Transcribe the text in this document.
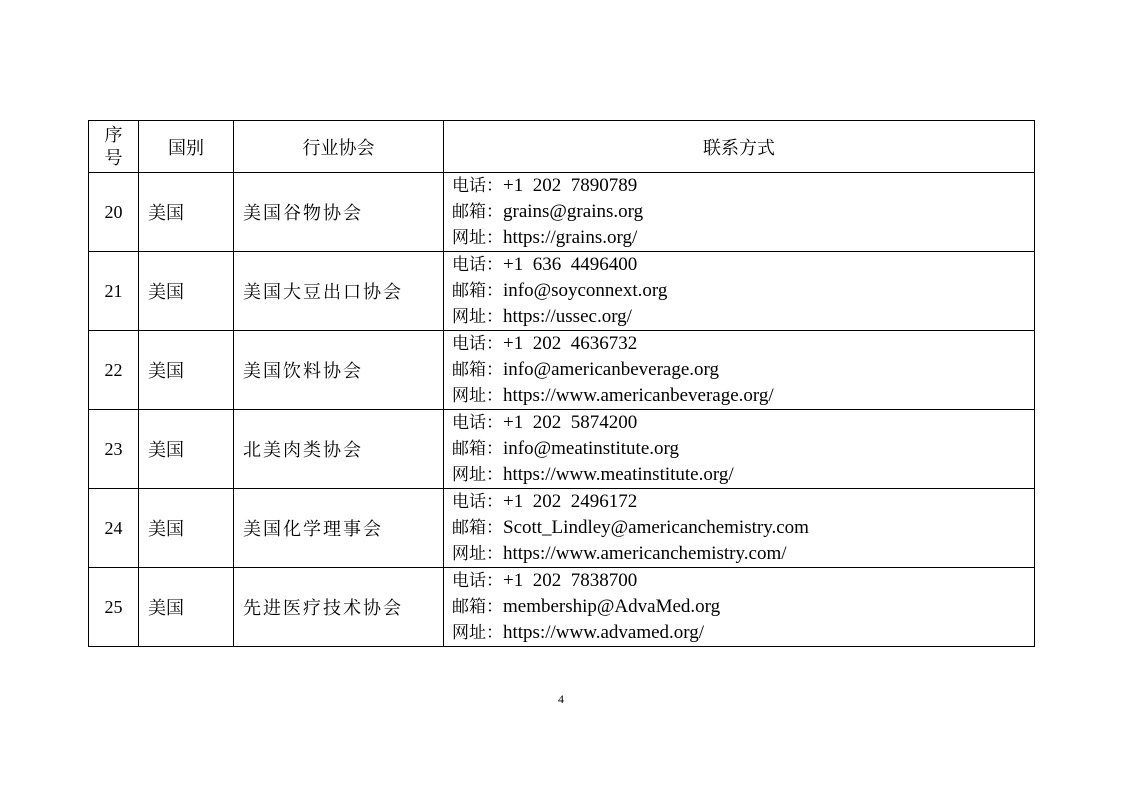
序
号	国别	行业协会	联系方式
20	美国	美国谷物协会	电话：+1  202  7890789
邮箱：grains@grains.org
网址：https://grains.org/

21	美国	美国大豆出口协会	电话：+1  636  4496400
邮箱：info@soyconnext.org
网址：https://ussec.org/

22	美国	美国饮料协会	电话：+1  202  4636732
邮箱：info@americanbeverage.org
网址：https://www.americanbeverage.org/

23	美国	北美肉类协会	电话：+1  202  5874200
邮箱：info@meatinstitute.org
网址：https://www.meatinstitute.org/

24	美国	美国化学理事会	电话：+1  202  2496172
邮箱：Scott_Lindley@americanchemistry.com
网址：https://www.americanchemistry.com/

25	美国	先进医疗技术协会	电话：+1  202  7838700
邮箱：membership@AdvaMed.org
网址：https://www.advamed.org/
4
